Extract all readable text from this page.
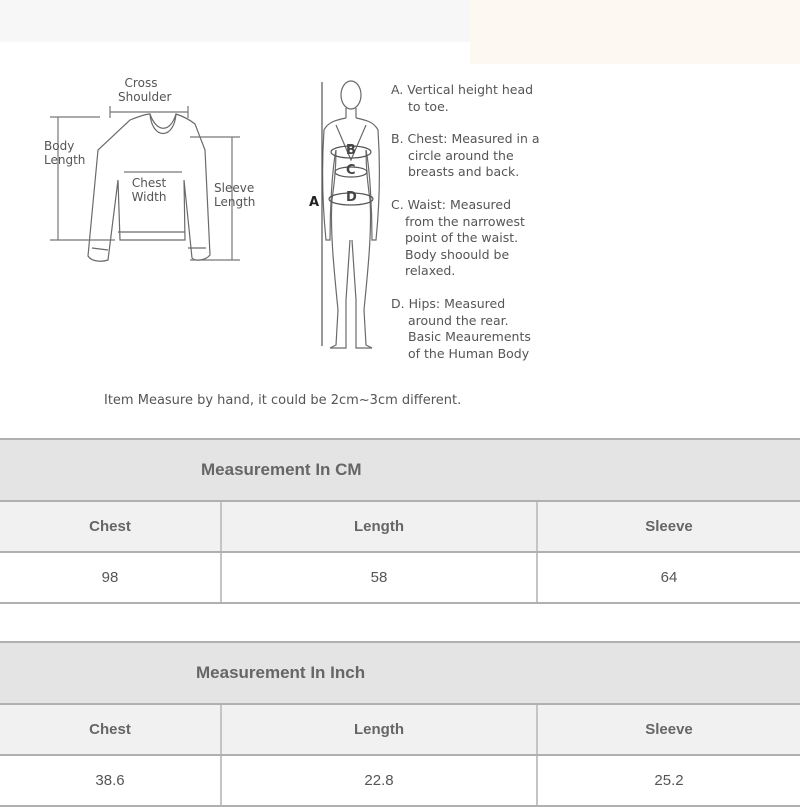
Cross
Shoulder
Body
Length
Chest
Width
Sleeve
Length	A
B
C
D
A. Vertical height head
to toe.
B. Chest: Measured in a
circle around the
breasts and back.
C. Waist: Measured
from the narrowest
point of the waist.
Body shoould be
relaxed.
D. Hips: Measured
around the rear.
Basic Meaurements
of the Human Body
Item Measure by hand, it could be 2cm~3cm different.
Measurement In CM
Chest	Length	Sleeve
98	58	64
Measurement In Inch
Chest	Length	Sleeve
38.6	22.8	25.2
